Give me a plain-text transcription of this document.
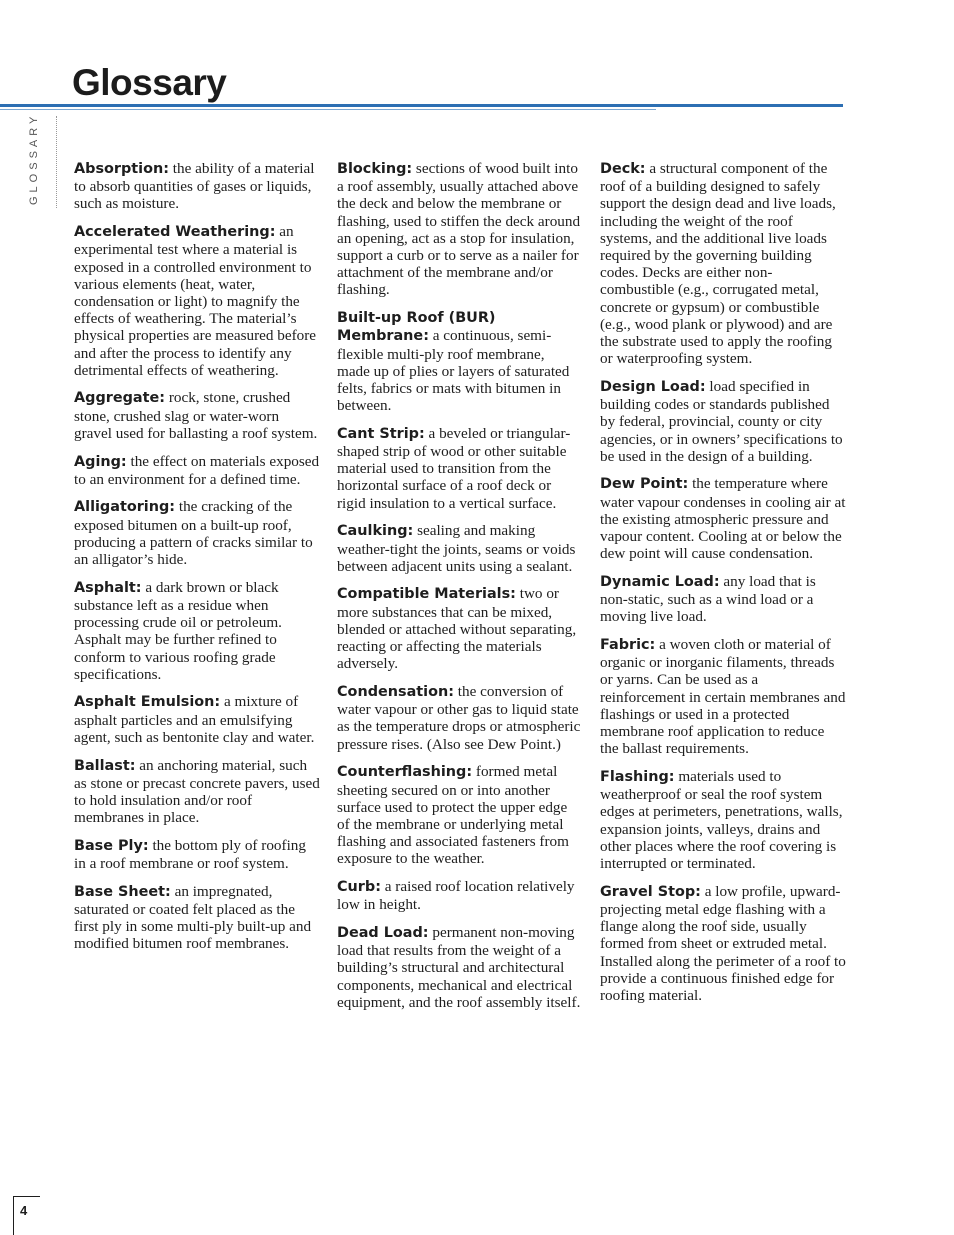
Glossary
GLOSSARY Absorption: the ability of a material to absorb quantities of gases or liquids, such as moisture.

Accelerated Weathering: an experimental test where a material is exposed in a controlled environment to various elements (heat, water, condensation or light) to magnify the effects of weathering. The material’s physical properties are measured before and after the process to identify any detrimental effects of weathering.

Aggregate: rock, stone, crushed stone, crushed slag or water-worn gravel used for ballasting a roof system.

Aging: the effect on materials exposed to an environment for a defined time.

Alligatoring: the cracking of the exposed bitumen on a built-up roof, producing a pattern of cracks similar to an alligator’s hide.

Asphalt: a dark brown or black substance left as a residue when processing crude oil or petroleum. Asphalt may be further refined to conform to various roofing grade specifications.

Asphalt Emulsion: a mixture of asphalt particles and an emulsifying agent, such as bentonite clay and water.

Ballast: an anchoring material, such as stone or precast concrete pavers, used to hold insulation and/or roof membranes in place.

Base Ply: the bottom ply of roofing in a roof membrane or roof system.

Base Sheet: an impregnated, saturated or coated felt placed as the first ply in some multi-ply built-up and modified bitumen roof membranes.

Blocking: sections of wood built into a roof assembly, usually attached above the deck and below the membrane or flashing, used to stiffen the deck around an opening, act as a stop for insulation, support a curb or to serve as a nailer for attachment of the membrane and/or flashing.

Built-up Roof (BUR) Membrane: a continuous, semi-flexible multi-ply roof membrane, made up of plies or layers of saturated felts, fabrics or mats with bitumen in between.

Cant Strip: a beveled or triangular-shaped strip of wood or other suitable material used to transition from the horizontal surface of a roof deck or rigid insulation to a vertical surface.

Caulking: sealing and making weather-tight the joints, seams or voids between adjacent units using a sealant.

Compatible Materials: two or more substances that can be mixed, blended or attached without separating, reacting or affecting the materials adversely.

Condensation: the conversion of water vapour or other gas to liquid state as the temperature drops or atmospheric pressure rises. (Also see Dew Point.)

Counterflashing: formed metal sheeting secured on or into another surface used to protect the upper edge of the membrane or underlying metal flashing and associated fasteners from exposure to the weather.

Curb: a raised roof location relatively low in height.

Dead Load: permanent non-moving load that results from the weight of a building’s structural and architectural components, mechanical and electrical equipment, and the roof assembly itself.

Deck: a structural component of the roof of a building designed to safely support the design dead and live loads, including the weight of the roof systems, and the additional live loads required by the governing building codes. Decks are either non-combustible (e.g., corrugated metal, concrete or gypsum) or combustible (e.g., wood plank or plywood) and are the substrate used to apply the roofing or waterproofing system.

Design Load: load specified in building codes or standards published by federal, provincial, county or city agencies, or in owners’ specifications to be used in the design of a building.

Dew Point: the temperature where water vapour condenses in cooling air at the existing atmospheric pressure and vapour content. Cooling at or below the dew point will cause condensation.

Dynamic Load: any load that is non-static, such as a wind load or a moving live load.

Fabric: a woven cloth or material of organic or inorganic filaments, threads or yarns. Can be used as a reinforcement in certain membranes and flashings or used in a protected membrane roof application to reduce the ballast requirements.

Flashing: materials used to weatherproof or seal the roof system edges at perimeters, penetrations, walls, expansion joints, valleys, drains and other places where the roof covering is interrupted or terminated.

Gravel Stop: a low profile, upward-projecting metal edge flashing with a flange along the roof side, usually formed from sheet or extruded metal. Installed along the perimeter of a roof to provide a continuous finished edge for roofing material.

4
